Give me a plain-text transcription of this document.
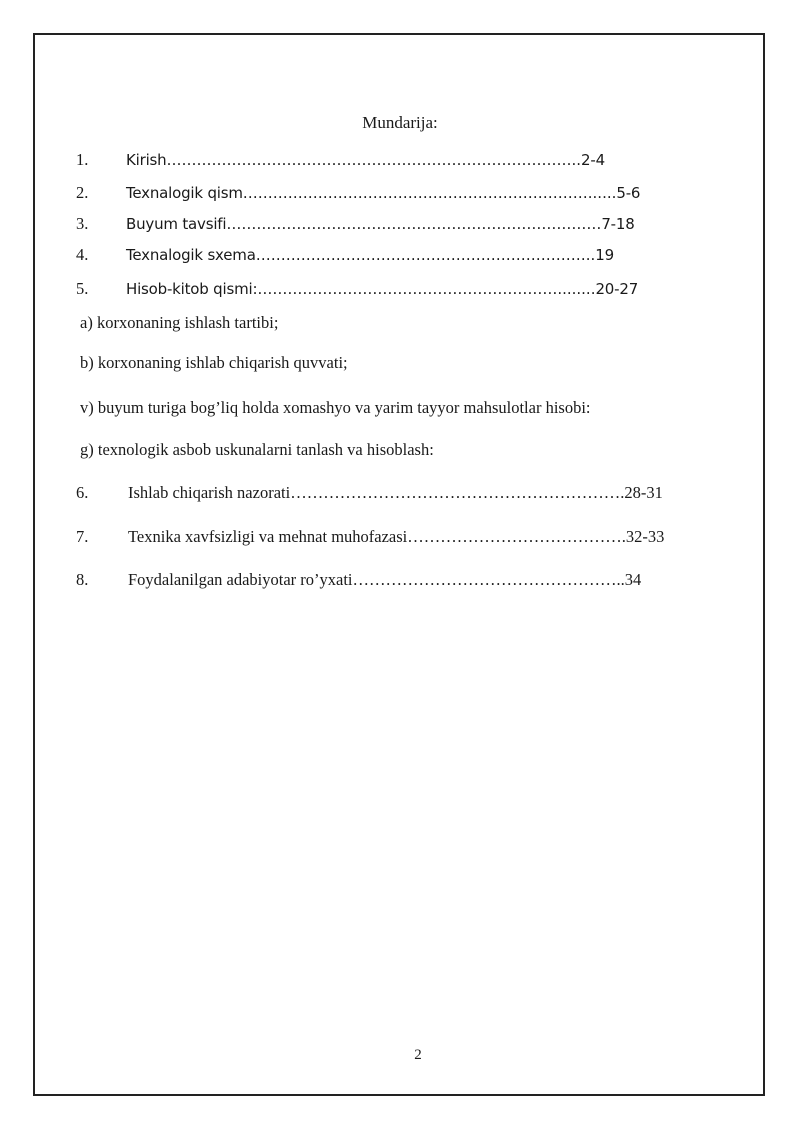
Mundarija:
1.	Kirish………………………………………………………………………..2-4
2.	Texnalogik qism……………………………………………………………......5-6
3.	Buyum tavsifi…………………………………………………………………7-18
4.	Texnalogik sxema…………………………………………………………..19
5.	Hisob-kitob qismi:……………………………………………………........20-27
a) korxonaning ishlash tartibi;
b) korxonaning ishlab chiqarish quvvati;
v) buyum turiga bog’liq holda xomashyo va yarim tayyor mahsulotlar hisobi:
g) texnologik asbob uskunalarni tanlash va hisoblash:
6. Ishlab chiqarish nazorati…………………………………………………….28-31
7. Texnika xavfsizligi va mehnat muhofazasi………………………………….32-33
8. Foydalanilgan adabiyotar ro’yxati…………………………………………..34
2
